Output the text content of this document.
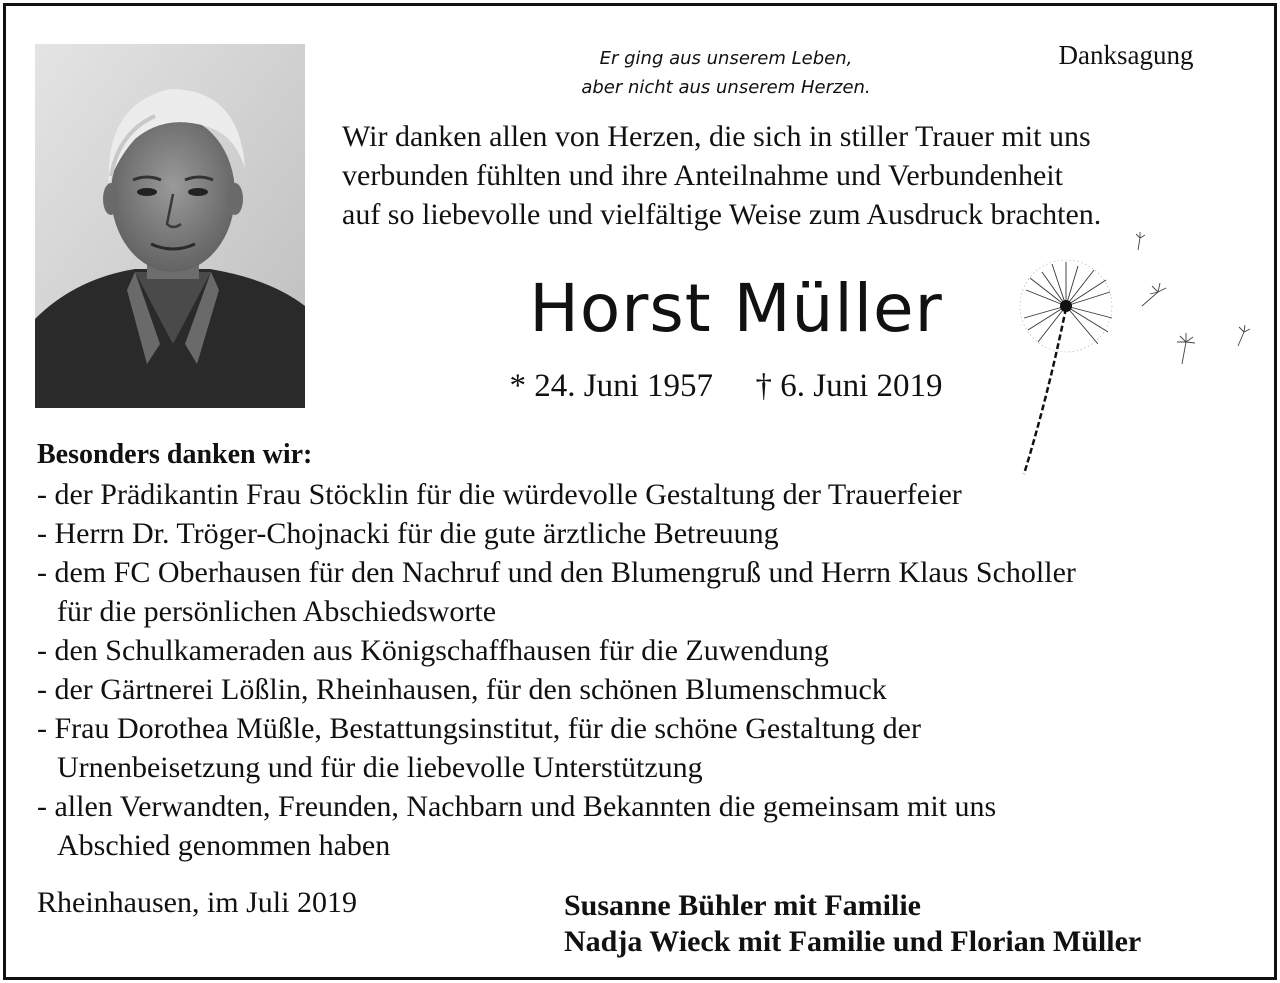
Er ging aus unserem Leben,
aber nicht aus unserem Herzen.
Danksagung
Wir danken allen von Herzen, die sich in stiller Trauer mit uns
verbunden fühlten und ihre Anteilnahme und Verbundenheit
auf so liebevolle und vielfältige Weise zum Ausdruck brachten.
Horst Müller
* 24. Juni 1957 † 6. Juni 2019
Besonders danken wir:
- der Prädikantin Frau Stöcklin für die würdevolle Gestaltung der Trauerfeier
- Herrn Dr. Tröger-Chojnacki für die gute ärztliche Betreuung
- dem FC Oberhausen für den Nachruf und den Blumengruß und Herrn Klaus Scholler
für die persönlichen Abschiedsworte
- den Schulkameraden aus Königschaffhausen für die Zuwendung
- der Gärtnerei Lößlin, Rheinhausen, für den schönen Blumenschmuck
- Frau Dorothea Müßle, Bestattungsinstitut, für die schöne Gestaltung der
Urnenbeisetzung und für die liebevolle Unterstützung
- allen Verwandten, Freunden, Nachbarn und Bekannten die gemeinsam mit uns
Abschied genommen haben
Rheinhausen, im Juli 2019	Susanne Bühler mit Familie
Nadja Wieck mit Familie und Florian Müller
